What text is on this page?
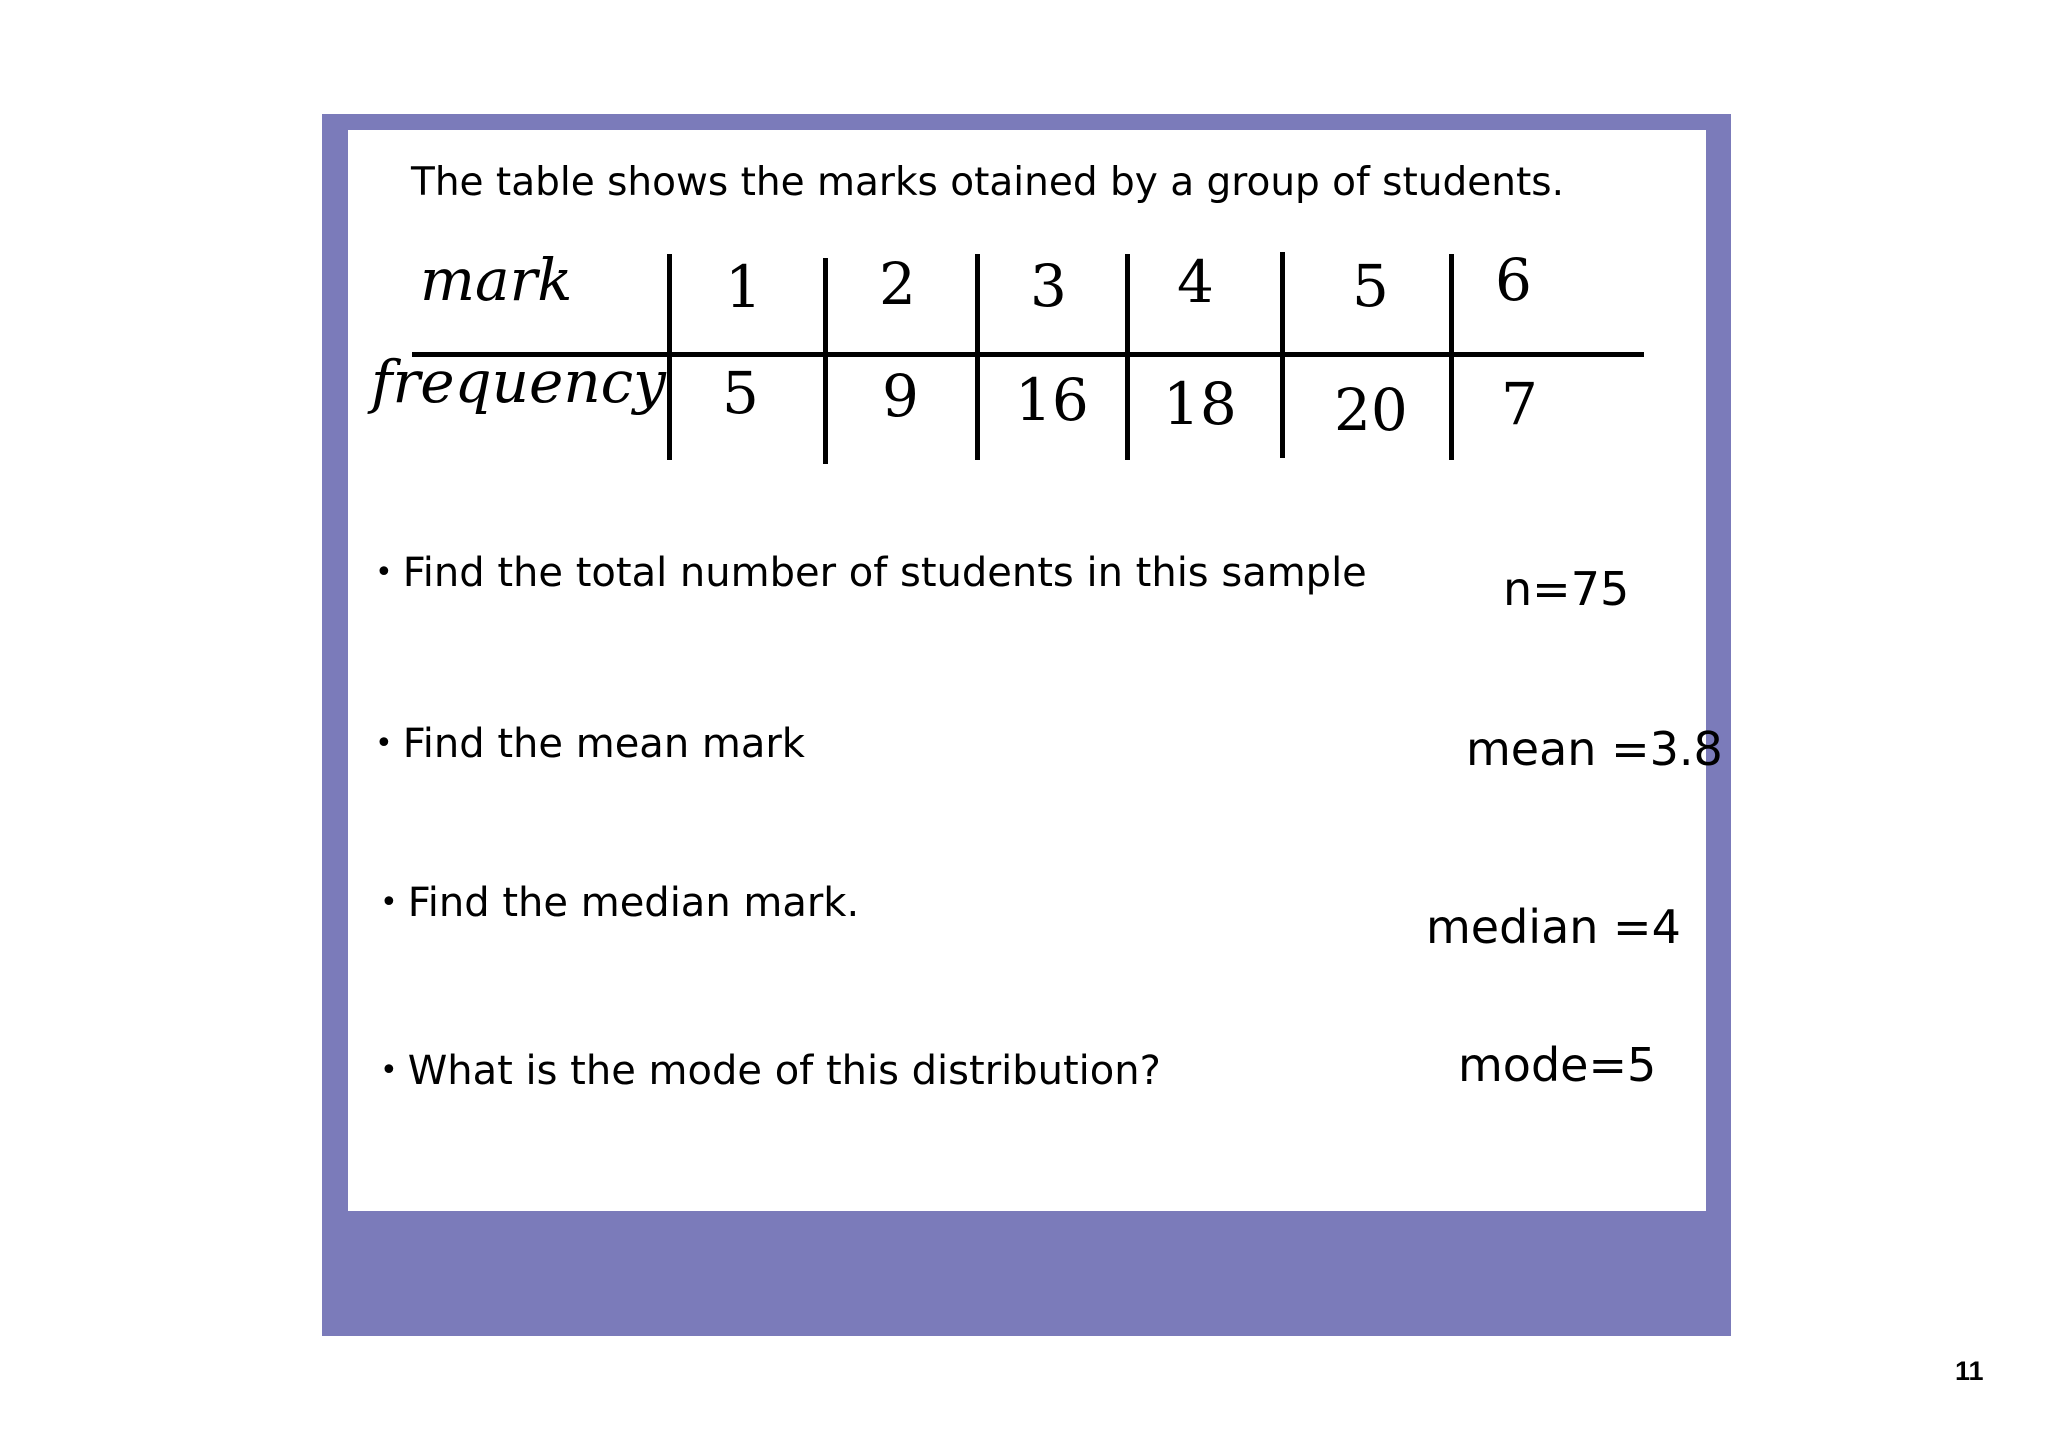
The table shows the marks otained by a group of students.
mark
frequency
1 2 3 4 5 6
5 9 16 18 20 7
• Find the total number of students in this sample
• Find the mean mark
• Find the median mark.
• What is the mode of this distribution?
n=75
mean =3.8
median =4
mode=5
11
